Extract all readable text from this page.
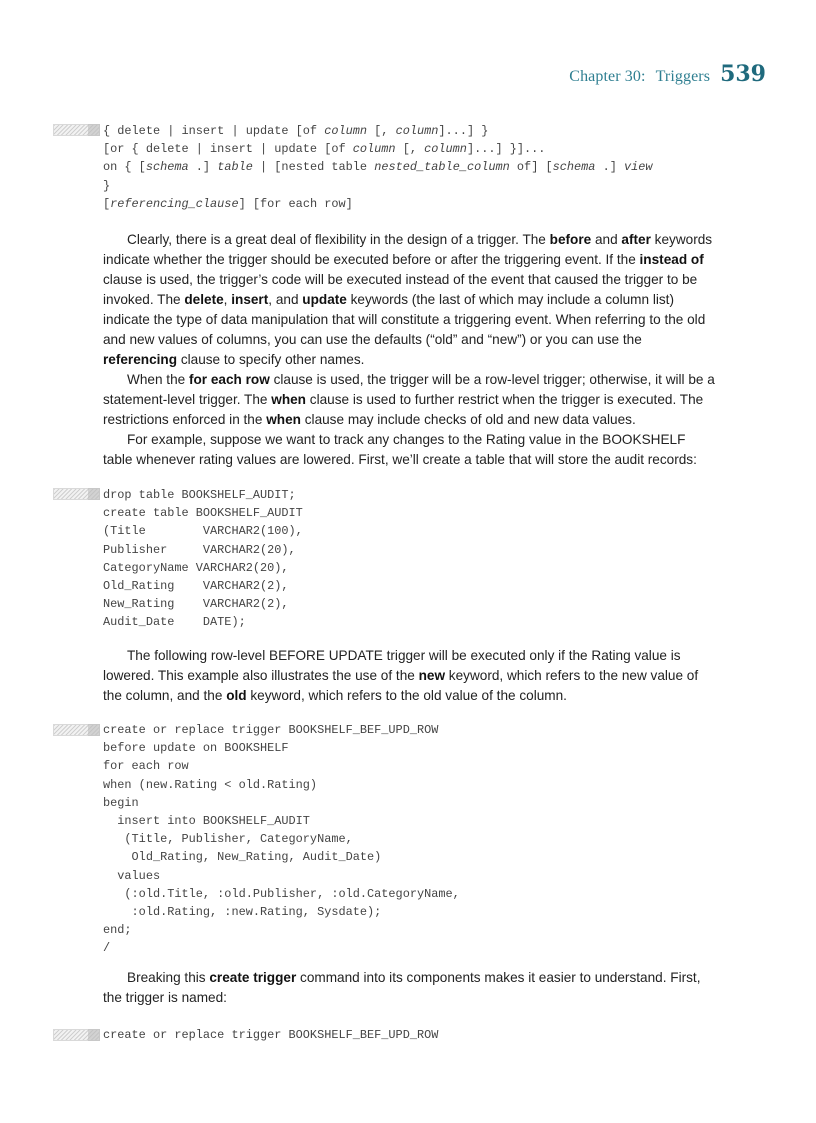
Chapter 30: Triggers 539
{ delete | insert | update [of column [, column]...] }
[or { delete | insert | update [of column [, column]...] }]...
on { [schema .] table | [nested table nested_table_column of] [schema .] view
}
[referencing_clause] [for each row]

Clearly, there is a great deal of flexibility in the design of a trigger. The before and after keywords indicate whether the trigger should be executed before or after the triggering event. If the instead of clause is used, the trigger’s code will be executed instead of the event that caused the trigger to be invoked. The delete, insert, and update keywords (the last of which may include a column list) indicate the type of data manipulation that will constitute a triggering event. When referring to the old and new values of columns, you can use the defaults (“old” and “new”) or you can use the referencing clause to specify other names.

When the for each row clause is used, the trigger will be a row-level trigger; otherwise, it will be a statement-level trigger. The when clause is used to further restrict when the trigger is executed. The restrictions enforced in the when clause may include checks of old and new data values.

For example, suppose we want to track any changes to the Rating value in the BOOKSHELF table whenever rating values are lowered. First, we’ll create a table that will store the audit records:

drop table BOOKSHELF_AUDIT;
create table BOOKSHELF_AUDIT
(Title        VARCHAR2(100),
Publisher     VARCHAR2(20),
CategoryName VARCHAR2(20),
Old_Rating    VARCHAR2(2),
New_Rating    VARCHAR2(2),
Audit_Date    DATE);

The following row-level BEFORE UPDATE trigger will be executed only if the Rating value is lowered. This example also illustrates the use of the new keyword, which refers to the new value of the column, and the old keyword, which refers to the old value of the column.

create or replace trigger BOOKSHELF_BEF_UPD_ROW
before update on BOOKSHELF
for each row
when (new.Rating < old.Rating)
begin
insert into BOOKSHELF_AUDIT
(Title, Publisher, CategoryName,
Old_Rating, New_Rating, Audit_Date)
values
(:old.Title, :old.Publisher, :old.CategoryName,
:old.Rating, :new.Rating, Sysdate);
end;
/

Breaking this create trigger command into its components makes it easier to understand. First, the trigger is named:

create or replace trigger BOOKSHELF_BEF_UPD_ROW
